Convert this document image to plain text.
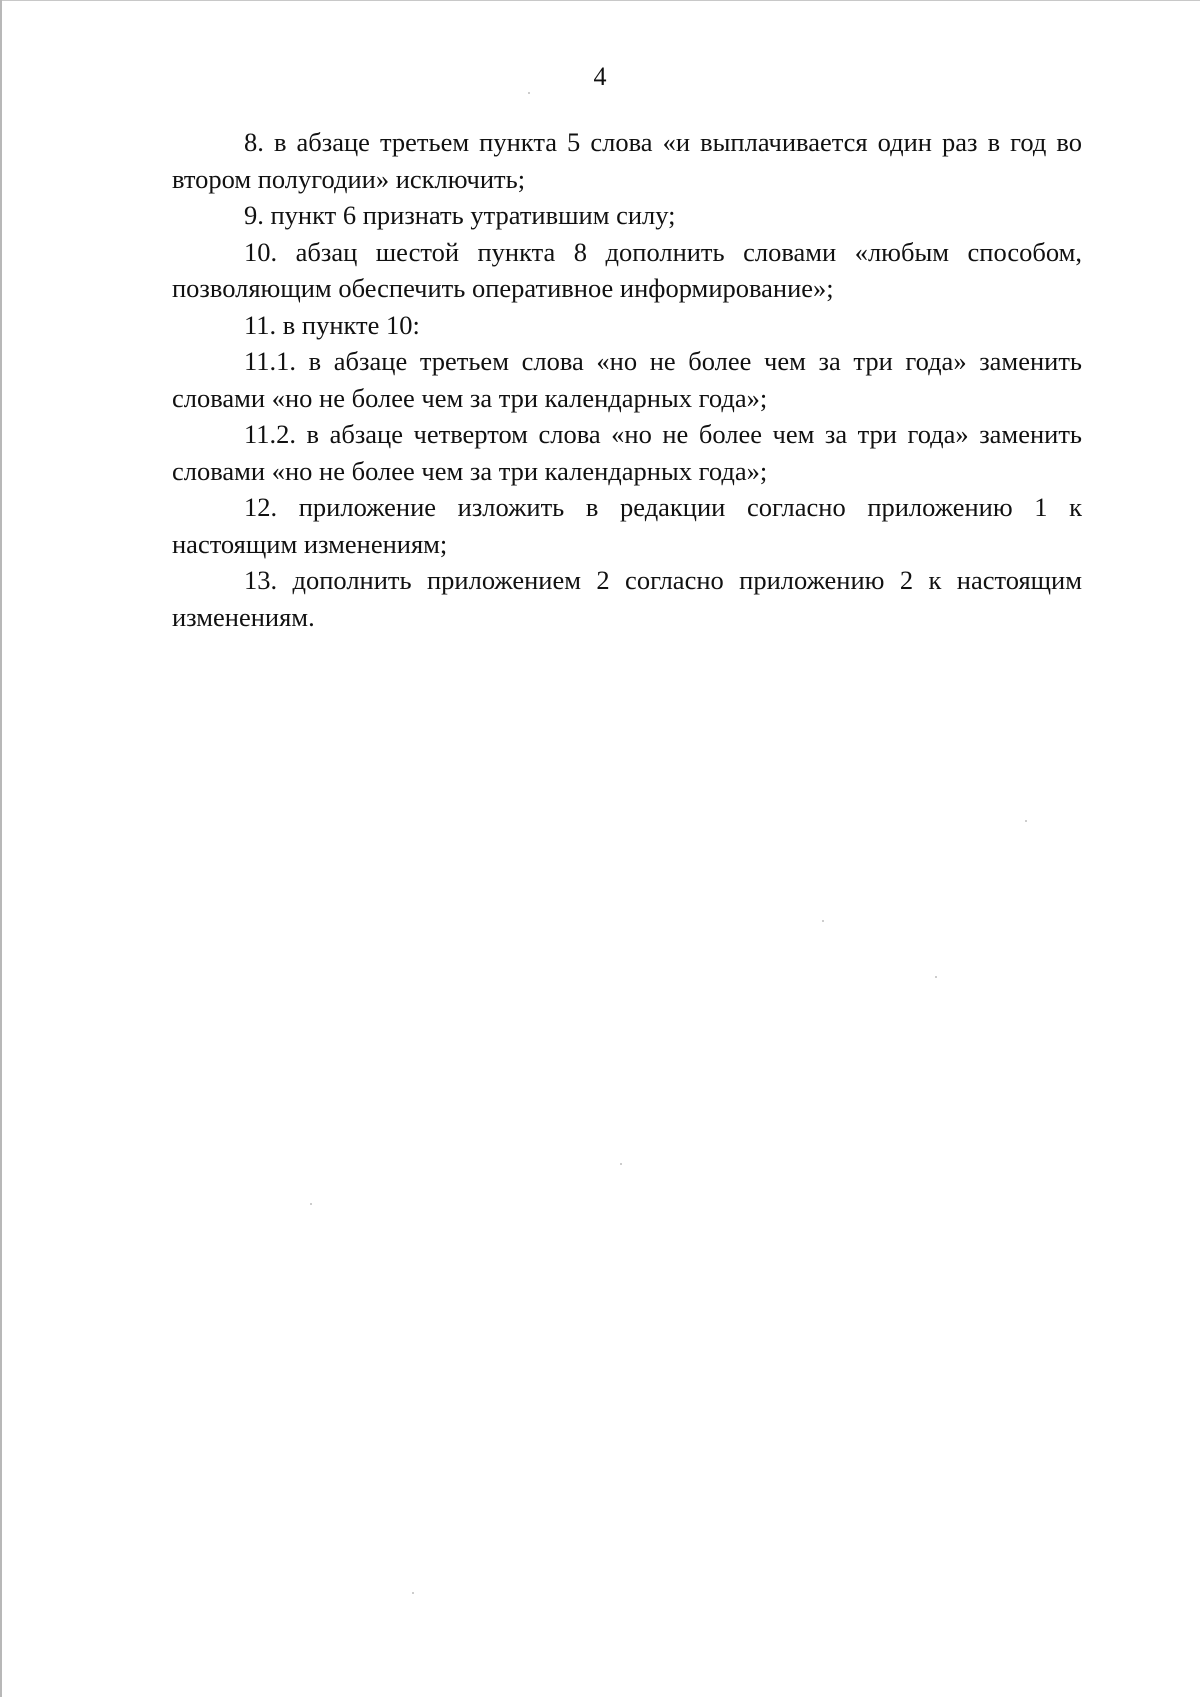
4

8. в абзаце третьем пункта 5 слова «и выплачивается один раз в год во втором полугодии» исключить;

9. пункт 6 признать утратившим силу;

10. абзац шестой пункта 8 дополнить словами «любым способом, позволяющим обеспечить оперативное информирование»;

11. в пункте 10:

11.1. в абзаце третьем слова «но не более чем за три года» заменить словами «но не более чем за три календарных года»;

11.2. в абзаце четвертом слова «но не более чем за три года» заменить словами «но не более чем за три календарных года»;

12. приложение изложить в редакции согласно приложению 1 к настоящим изменениям;

13. дополнить приложением 2 согласно приложению 2 к настоящим изменениям.
